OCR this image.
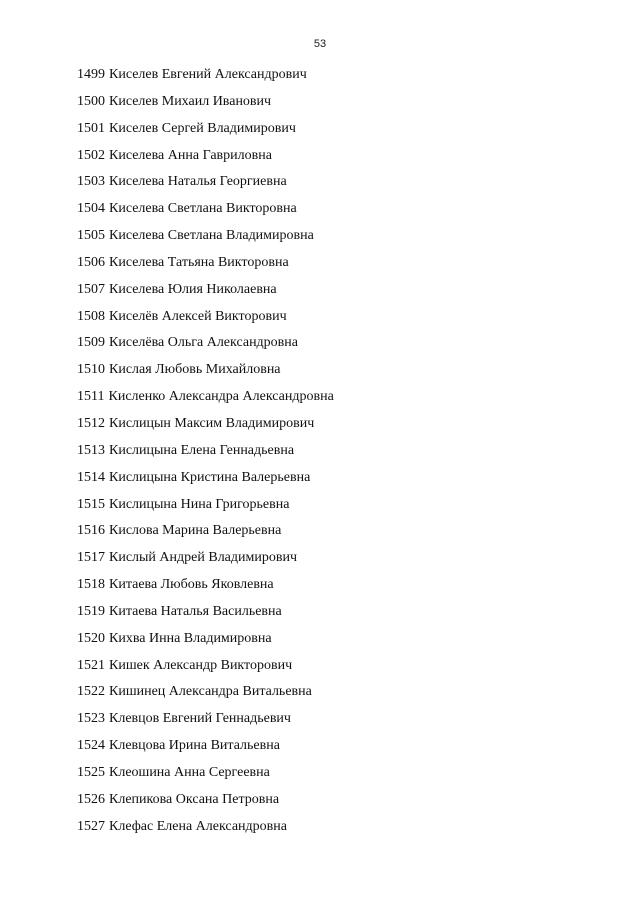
53
1499 Киселев Евгений Александрович
1500 Киселев Михаил Иванович
1501 Киселев Сергей Владимирович
1502 Киселева Анна Гавриловна
1503 Киселева Наталья Георгиевна
1504 Киселева Светлана Викторовна
1505 Киселева Светлана Владимировна
1506 Киселева Татьяна Викторовна
1507 Киселева Юлия Николаевна
1508 Киселёв Алексей Викторович
1509 Киселёва Ольга Александровна
1510 Кислая Любовь Михайловна
1511 Кисленко Александра Александровна
1512 Кислицын Максим Владимирович
1513 Кислицына Елена Геннадьевна
1514 Кислицына Кристина Валерьевна
1515 Кислицына Нина Григорьевна
1516 Кислова Марина Валерьевна
1517 Кислый Андрей Владимирович
1518 Китаева Любовь Яковлевна
1519 Китаева Наталья Васильевна
1520 Кихва Инна Владимировна
1521 Кишек Александр Викторович
1522 Кишинец Александра Витальевна
1523 Клевцов Евгений Геннадьевич
1524 Клевцова Ирина Витальевна
1525 Клеошина Анна Сергеевна
1526 Клепикова Оксана Петровна
1527 Клефас Елена Александровна
